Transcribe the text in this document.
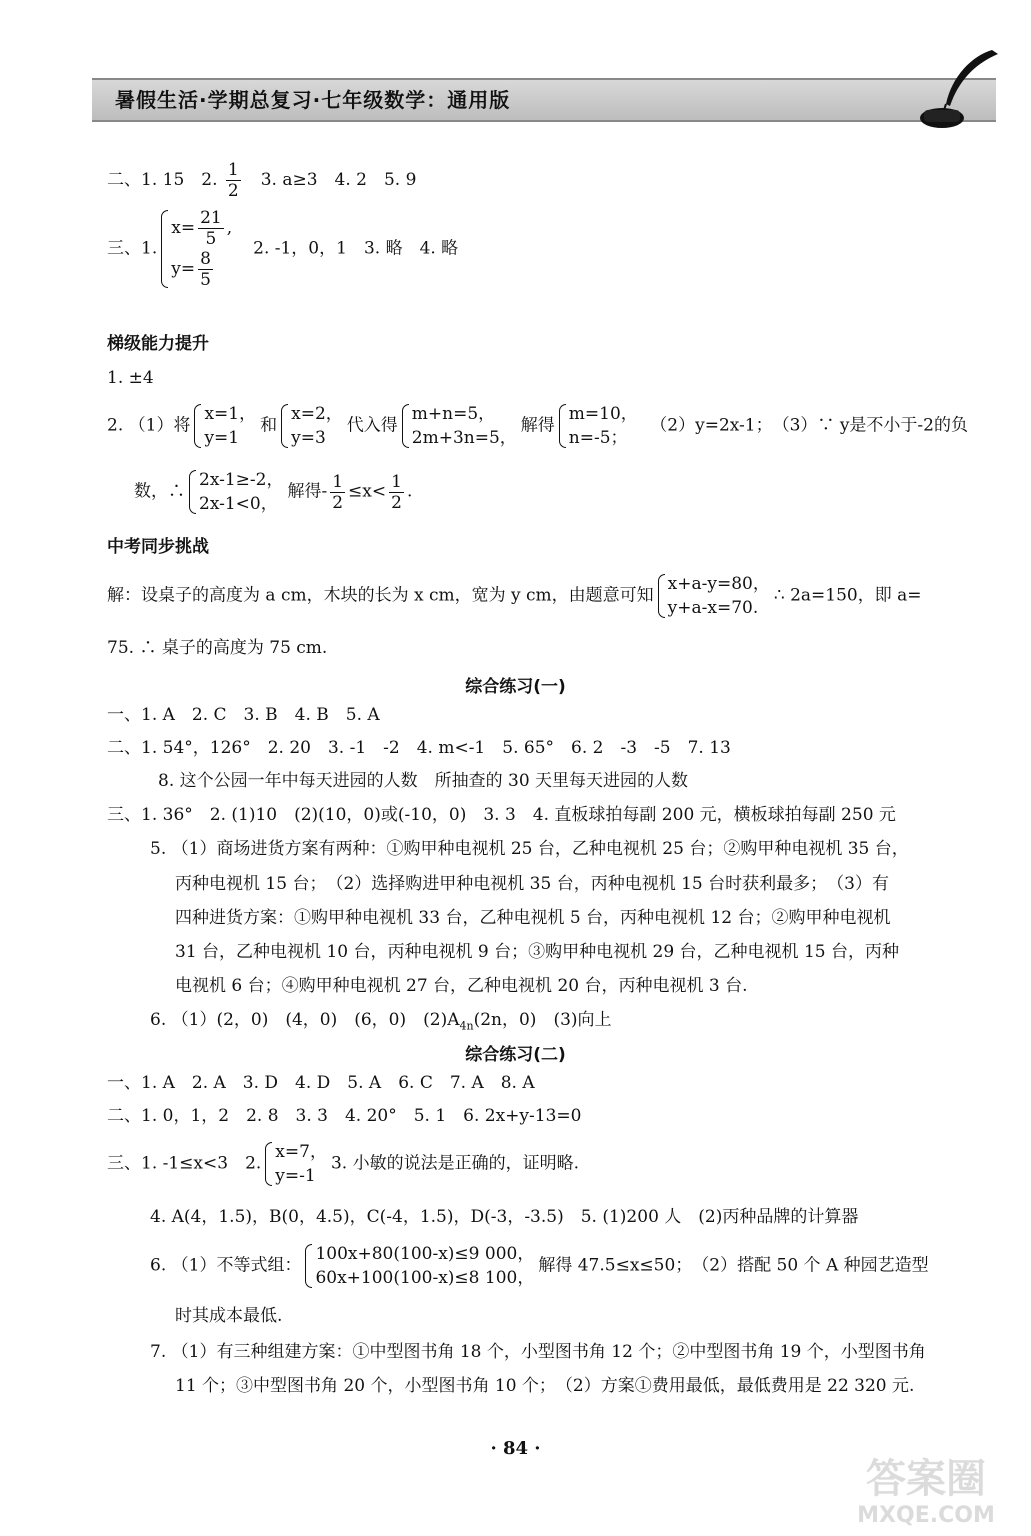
暑假生活·学期总复习·七年级数学：通用版
二、1. 15　2. $\frac{1}{2}$ 　3. a≥3　4. 2　5. 9
三、1.
$x= \frac{21}{5}$ ,
$y= \frac{8}{5}$
　2. -1，0，1　3. 略　4. 略
梯级能力提升
1. ±4
2. （1）将
x=1，
y=1
和
x=2，
y=3
代入得
m+n=5，
2m+3n=5，
解得
m=10，
n=-5；
　（2）y=2x-1；　（3）∵ y是不小于-2的负
数，∴
2x-1≥-2，
2x-1<0，
解得- $\frac{1}{2} \le x< \frac{1}{2}$ .
中考同步挑战
解：设桌子的高度为 a cm，木块的长为 x cm，宽为 y cm，由题意可知
x+a-y=80，
y+a-x=70.
∴ 2a=150，即 a=
75. ∴ 桌子的高度为 75 cm.
综合练习(一)
一、1. A　2. C　3. B　4. B　5. A
二、1. 54°，126°　2. 20　3. -1　-2　4. m<-1　5. 65°　6. 2　-3　-5　7. 13
8. 这个公园一年中每天进园的人数　所抽查的 30 天里每天进园的人数
三、1. 36°　2. (1)10　(2)(10，0)或(-10，0)　3. 3　4. 直板球拍每副 200 元，横板球拍每副 250 元
5. （1）商场进货方案有两种：①购甲种电视机 25 台，乙种电视机 25 台；②购甲种电视机 35 台，
丙种电视机 15 台；　（2）选择购进甲种电视机 35 台，丙种电视机 15 台时获利最多；　（3）有
四种进货方案：①购甲种电视机 33 台，乙种电视机 5 台，丙种电视机 12 台；②购甲种电视机
31 台，乙种电视机 10 台，丙种电视机 9 台；③购甲种电视机 29 台，乙种电视机 15 台，丙种
电视机 6 台；④购甲种电视机 27 台，乙种电视机 20 台，丙种电视机 3 台.
6. （1）(2，0)　(4，0)　(6，0)　$(2)A_{4n}(2n$，0)　(3)向上
综合练习(二)
一、1. A　2. A　3. D　4. D　5. A　6. C　7. A　8. A
二、1. 0，1，2　2. 8　3. 3　4. 20°　5. 1　6. 2x+y-13=0
三、1. -1≤x<3　2.
x=7，
y=-1
3. 小敏的说法是正确的，证明略.
4. A(4，1.5)，B(0，4.5)，C(-4，1.5)，D(-3，-3.5)　5. (1)200 人　(2)丙种品牌的计算器
6. （1）不等式组：
100x+80(100-x)≤9 000，
60x+100(100-x)≤8 100，
解得 47.5≤x≤50；　（2）搭配 50 个 A 种园艺造型
时其成本最低.
7. （1）有三种组建方案：①中型图书角 18 个，小型图书角 12 个；②中型图书角 19 个，小型图书角
11 个；③中型图书角 20 个，小型图书角 10 个；　（2）方案①费用最低，最低费用是 22 320 元.
· 84 ·
答案圈
MXQE.COM
